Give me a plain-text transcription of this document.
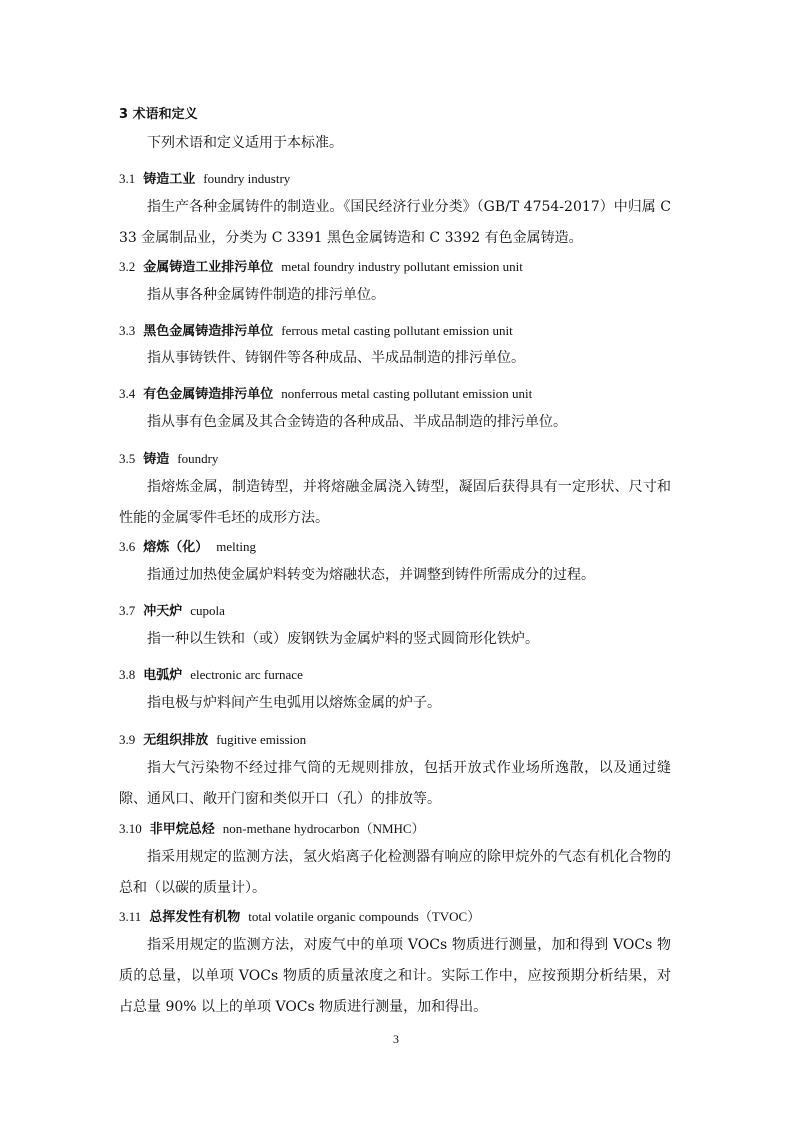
3 术语和定义
下列术语和定义适用于本标准。
3.1 铸造工业 foundry industry
指生产各种金属铸件的制造业。《国民经济行业分类》（GB/T 4754-2017）中归属 C 33 金属制品业，分类为 C 3391 黑色金属铸造和 C 3392 有色金属铸造。
3.2 金属铸造工业排污单位 metal foundry industry pollutant emission unit
指从事各种金属铸件制造的排污单位。
3.3 黑色金属铸造排污单位 ferrous metal casting pollutant emission unit
指从事铸铁件、铸钢件等各种成品、半成品制造的排污单位。
3.4 有色金属铸造排污单位 nonferrous metal casting pollutant emission unit
指从事有色金属及其合金铸造的各种成品、半成品制造的排污单位。
3.5 铸造 foundry
指熔炼金属，制造铸型，并将熔融金属浇入铸型，凝固后获得具有一定形状、尺寸和性能的金属零件毛坯的成形方法。
3.6 熔炼（化） melting
指通过加热使金属炉料转变为熔融状态，并调整到铸件所需成分的过程。
3.7 冲天炉 cupola
指一种以生铁和（或）废钢铁为金属炉料的竖式圆筒形化铁炉。
3.8 电弧炉 electronic arc furnace
指电极与炉料间产生电弧用以熔炼金属的炉子。
3.9 无组织排放 fugitive emission
指大气污染物不经过排气筒的无规则排放，包括开放式作业场所逸散，以及通过缝隙、通风口、敞开门窗和类似开口（孔）的排放等。
3.10 非甲烷总烃 non-methane hydrocarbon（NMHC）
指采用规定的监测方法，氢火焰离子化检测器有响应的除甲烷外的气态有机化合物的总和（以碳的质量计）。
3.11 总挥发性有机物 total volatile organic compounds（TVOC）
指采用规定的监测方法，对废气中的单项 VOCs 物质进行测量，加和得到 VOCs 物质的总量，以单项 VOCs 物质的质量浓度之和计。实际工作中，应按预期分析结果，对占总量 90% 以上的单项 VOCs 物质进行测量，加和得出。
3
